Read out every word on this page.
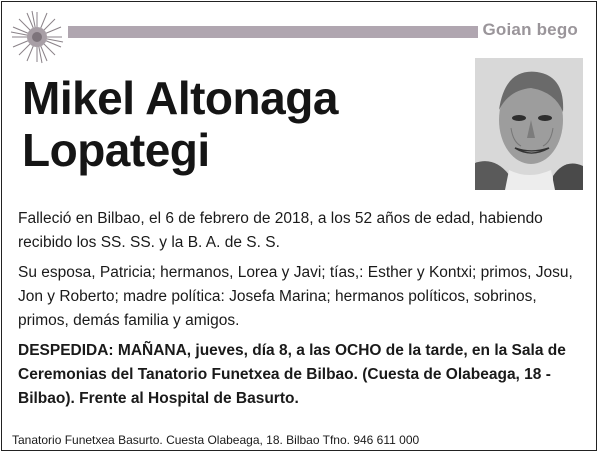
Goian bego
Mikel Altonaga
Lopategi

Falleció en Bilbao, el 6 de febrero de 2018, a los 52 años de edad, habiendo recibido los SS. SS. y la B. A. de S. S.

Su esposa, Patricia; hermanos, Lorea y Javi; tías,: Esther y Kontxi; primos, Josu, Jon y Roberto; madre política: Josefa Marina; hermanos políticos, sobrinos, primos, demás familia y amigos.

DESPEDIDA: MAÑANA, jueves, día 8, a las OCHO de la tarde, en la Sala de Ceremonias del Tanatorio Funetxea de Bilbao. (Cuesta de Olabeaga, 18 - Bilbao). Frente al Hospital de Basurto.

Tanatorio Funetxea Basurto. Cuesta Olabeaga, 18. Bilbao Tfno. 946 611 000
